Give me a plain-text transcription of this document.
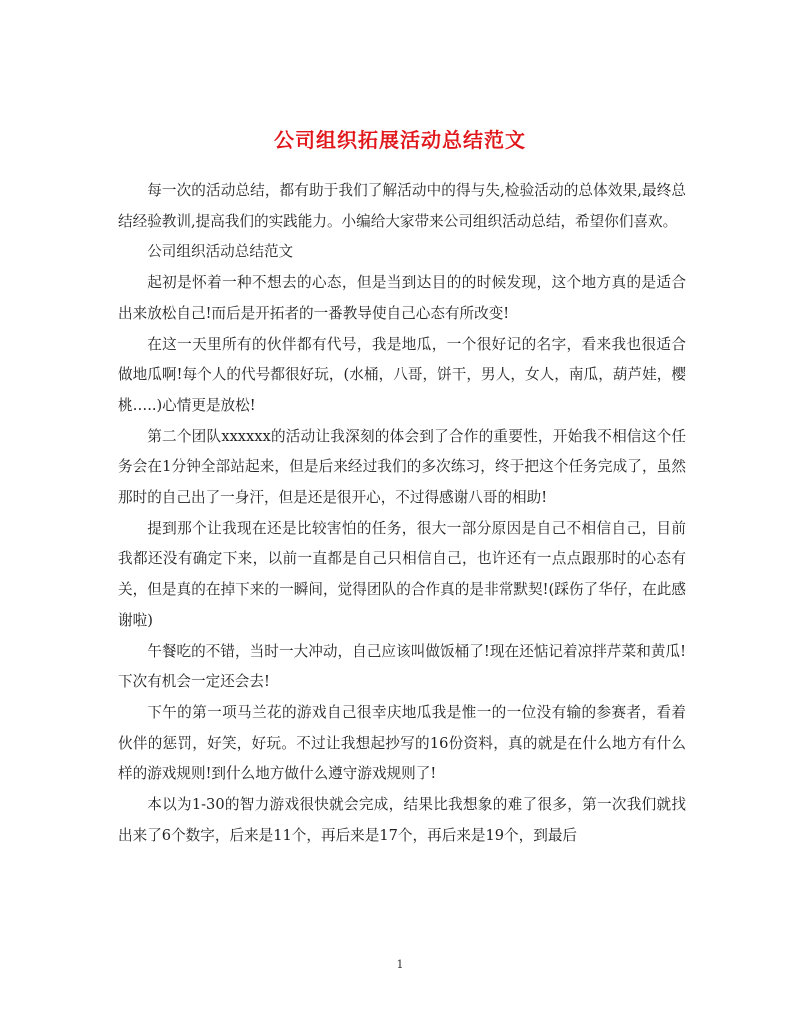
公司组织拓展活动总结范文

每一次的活动总结，都有助于我们了解活动中的得与失,检验活动的总体效果,最终总结经验教训,提高我们的实践能力。小编给大家带来公司组织活动总结，希望你们喜欢。

公司组织活动总结范文

起初是怀着一种不想去的心态，但是当到达目的的时候发现，这个地方真的是适合出来放松自己!而后是开拓者的一番教导使自己心态有所改变!

在这一天里所有的伙伴都有代号，我是地瓜，一个很好记的名字，看来我也很适合做地瓜啊!每个人的代号都很好玩，(水桶，八哥，饼干，男人，女人，南瓜，葫芦娃，樱桃…..)心情更是放松!

第二个团队xxxxxx的活动让我深刻的体会到了合作的重要性，开始我不相信这个任务会在1分钟全部站起来，但是后来经过我们的多次练习，终于把这个任务完成了，虽然那时的自己出了一身汗，但是还是很开心，不过得感谢八哥的相助!

提到那个让我现在还是比较害怕的任务，很大一部分原因是自己不相信自己，目前我都还没有确定下来，以前一直都是自己只相信自己，也许还有一点点跟那时的心态有关，但是真的在掉下来的一瞬间，觉得团队的合作真的是非常默契!(踩伤了华仔，在此感谢啦)

午餐吃的不错，当时一大冲动，自己应该叫做饭桶了!现在还惦记着凉拌芹菜和黄瓜!下次有机会一定还会去!

下午的第一项马兰花的游戏自己很幸庆地瓜我是惟一的一位没有输的参赛者，看着伙伴的惩罚，好笑，好玩。不过让我想起抄写的16份资料，真的就是在什么地方有什么样的游戏规则!到什么地方做什么遵守游戏规则了!

本以为1-30的智力游戏很快就会完成，结果比我想象的难了很多，第一次我们就找出来了6个数字，后来是11个，再后来是17个，再后来是19个，到最后

1
